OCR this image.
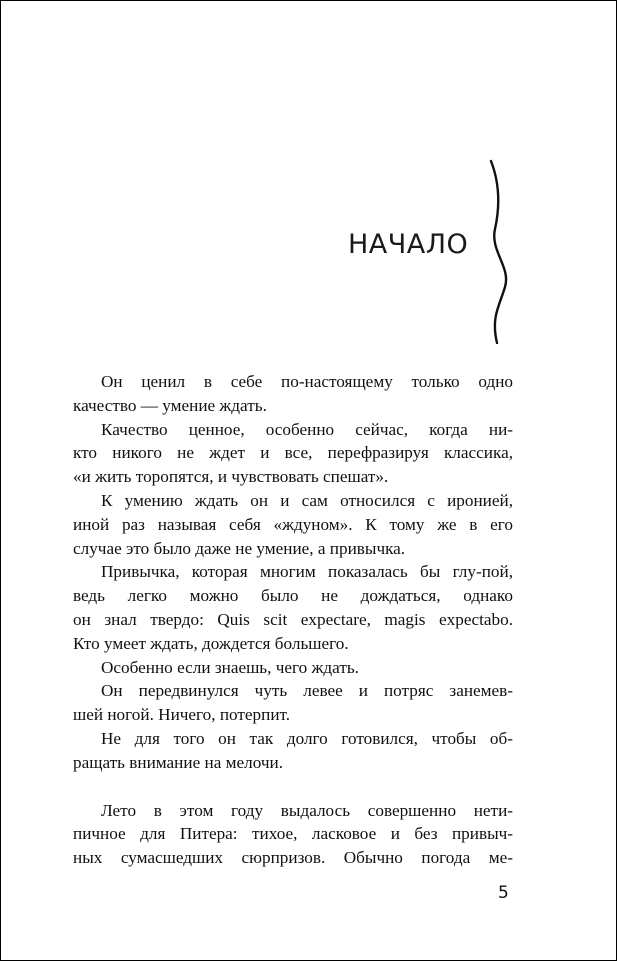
НАЧАЛО

Он ценил в себе по-настоящему только одно
качество — умение ждать.

Качество ценное, особенно сейчас, когда ни-
кто никого не ждет и все, перефразируя классика,
«и жить торопятся, и чувствовать спешат».

К умению ждать он и сам относился с иронией,
иной раз называя себя «ждуном». К тому же в его
случае это было даже не умение, а привычка.

Привычка, которая многим показалась бы глу-пой,
ведь легко можно было не дождаться, однако
он знал твердо: Quis scit expectare, magis expectabo.
Кто умеет ждать, дождется большего.

Особенно если знаешь, чего ждать.

Он передвинулся чуть левее и потряс занемев-
шей ногой. Ничего, потерпит.

Не для того он так долго готовился, чтобы об-
ращать внимание на мелочи.

Лето в этом году выдалось совершенно нети-
пичное для Питера: тихое, ласковое и без привыч-
ных сумасшедших сюрпризов. Обычно погода ме-

5
